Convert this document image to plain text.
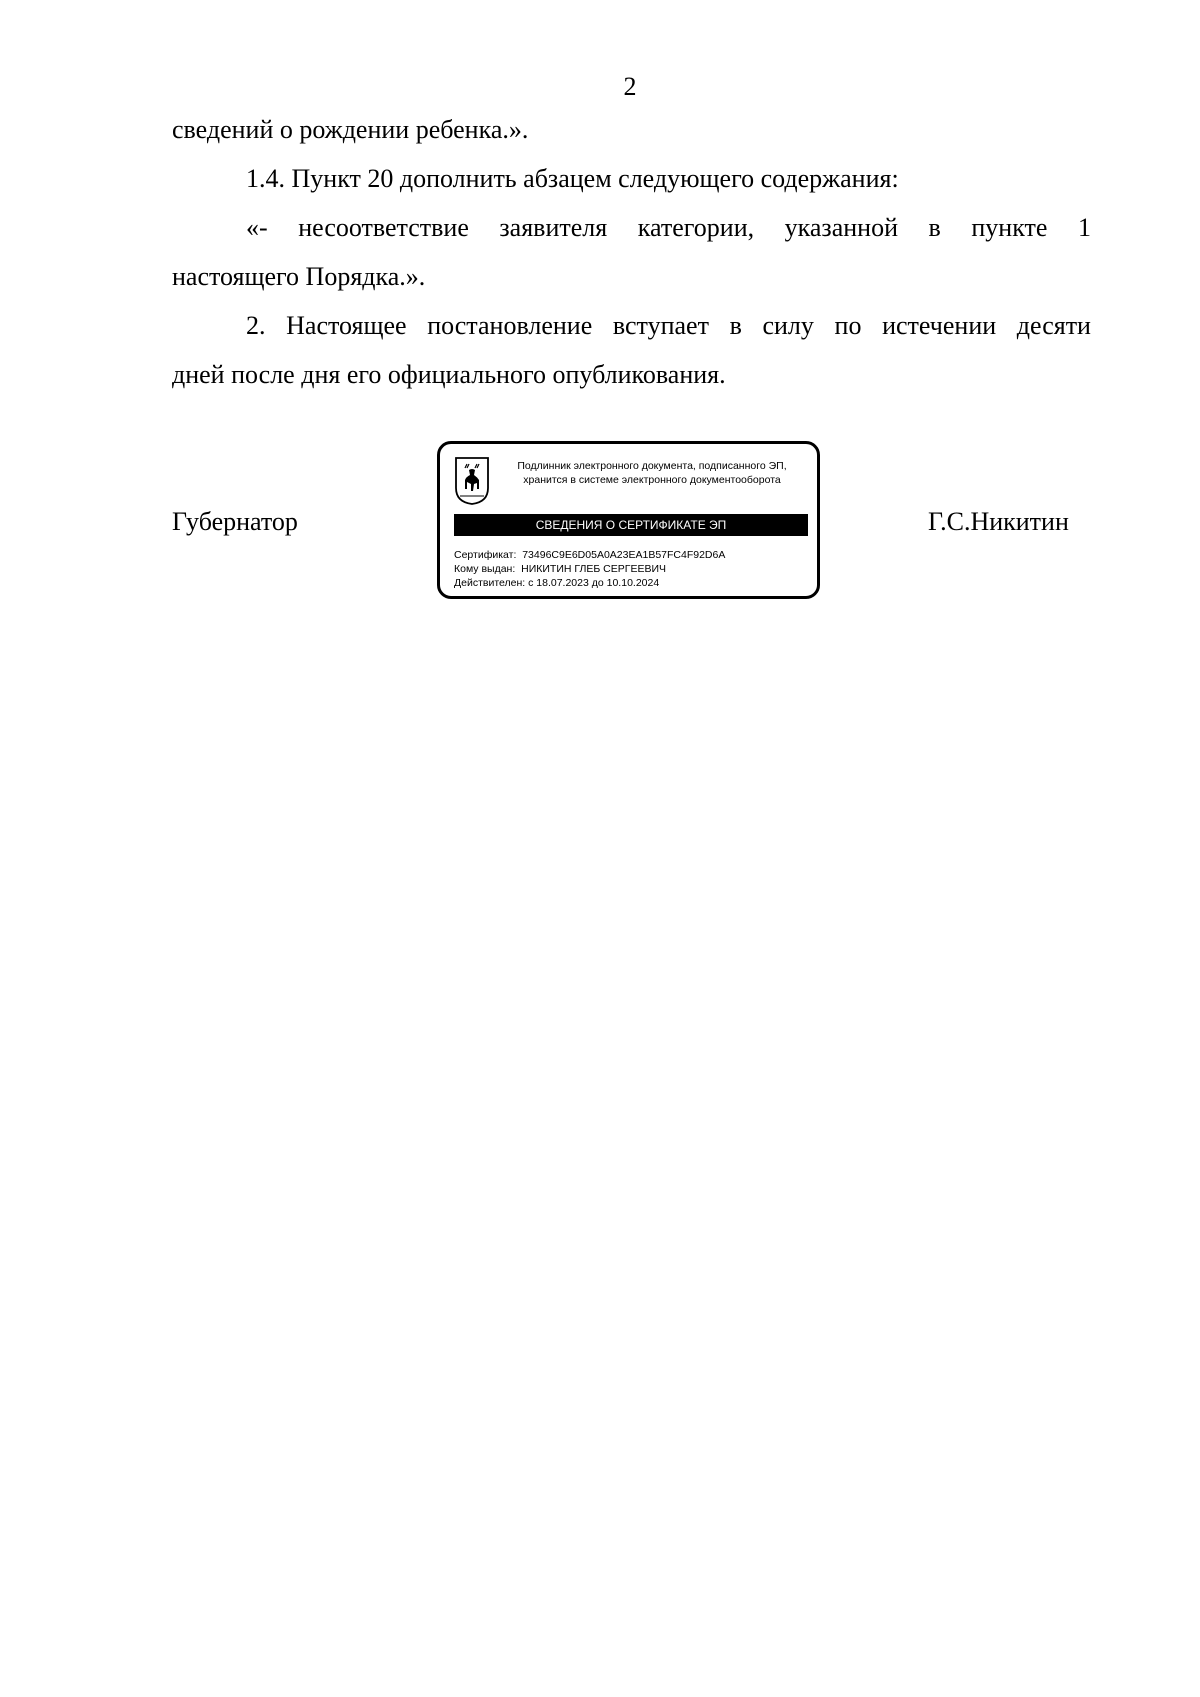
2
сведений о рождении ребенка.».
1.4. Пункт 20 дополнить абзацем следующего содержания:
«- несоответствие заявителя категории, указанной в пункте 1
настоящего Порядка.».
2. Настоящее постановление вступает в силу по истечении десяти
дней после дня его официального опубликования.
Губернатор
Подлинник электронного документа, подписанного ЭП,
хранится в системе электронного документооборота
СВЕДЕНИЯ О СЕРТИФИКАТЕ ЭП
Сертификат: 73496C9E6D05A0A23EA1B57FC4F92D6A
Кому выдан: НИКИТИН ГЛЕБ СЕРГЕЕВИЧ
Действителен: с 18.07.2023 до 10.10.2024
Г.С.Никитин
